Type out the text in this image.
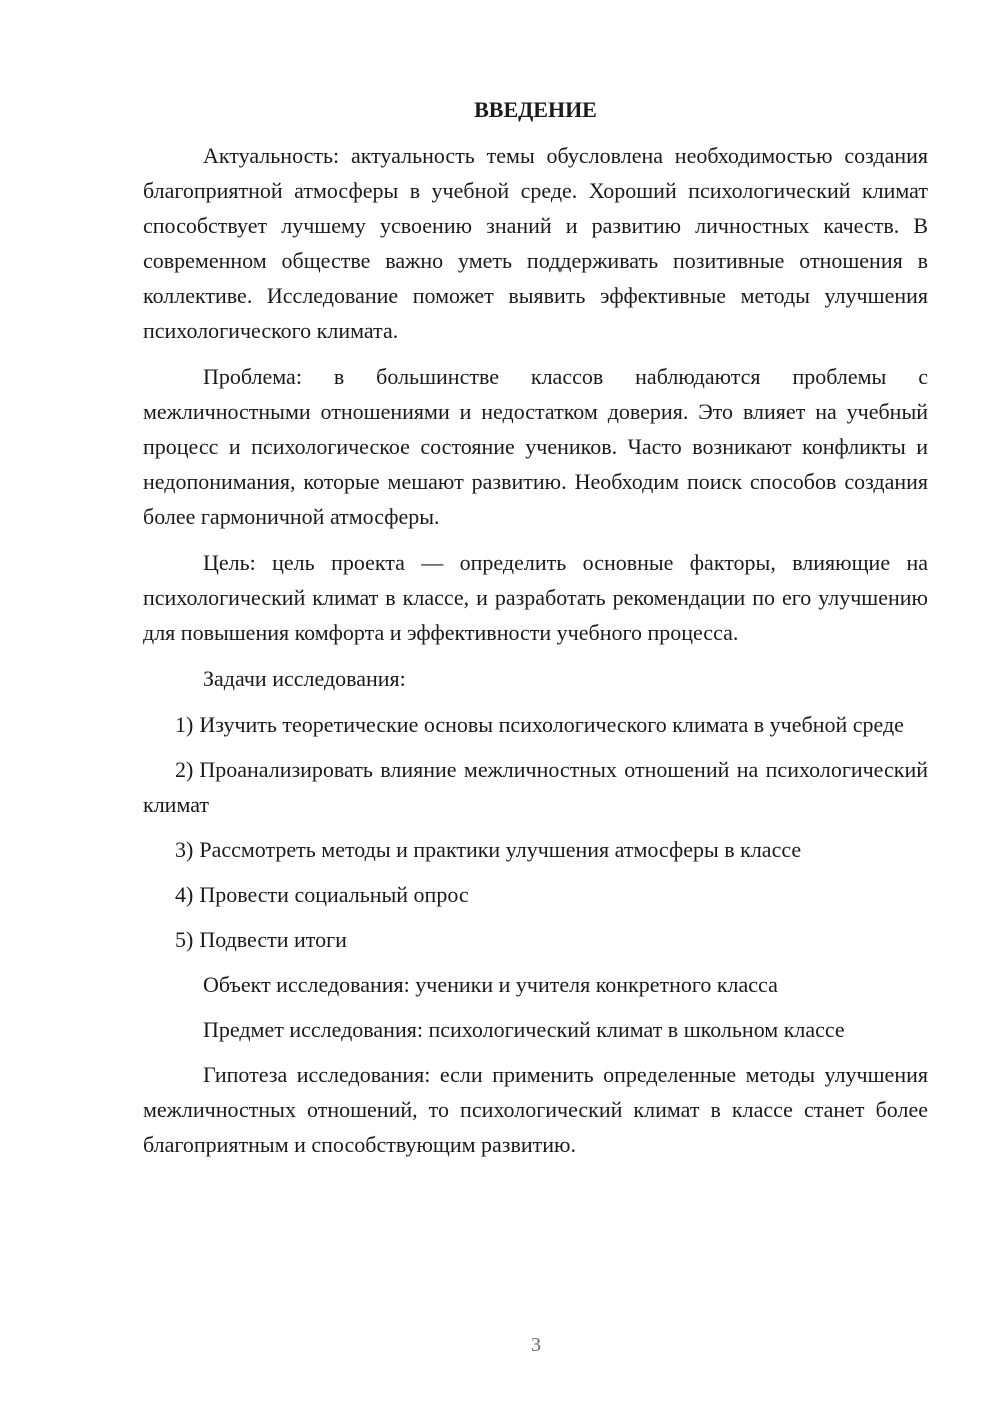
ВВЕДЕНИЕ

Актуальность: актуальность темы обусловлена необходимостью создания благоприятной атмосферы в учебной среде. Хороший психологический климат способствует лучшему усвоению знаний и развитию личностных качеств. В современном обществе важно уметь поддерживать позитивные отношения в коллективе. Исследование поможет выявить эффективные методы улучшения психологического климата.

Проблема: в большинстве классов наблюдаются проблемы с межличностными отношениями и недостатком доверия. Это влияет на учебный процесс и психологическое состояние учеников. Часто возникают конфликты и недопонимания, которые мешают развитию. Необходим поиск способов создания более гармоничной атмосферы.

Цель: цель проекта — определить основные факторы, влияющие на психологический климат в классе, и разработать рекомендации по его улучшению для повышения комфорта и эффективности учебного процесса.

Задачи исследования:

1) Изучить теоретические основы психологического климата в учебной среде

2) Проанализировать влияние межличностных отношений на психологический климат

3) Рассмотреть методы и практики улучшения атмосферы в классе

4) Провести социальный опрос

5) Подвести итоги

Объект исследования: ученики и учителя конкретного класса

Предмет исследования: психологический климат в школьном классе

Гипотеза исследования: если применить определенные методы улучшения межличностных отношений, то психологический климат в классе станет более благоприятным и способствующим развитию.

3
